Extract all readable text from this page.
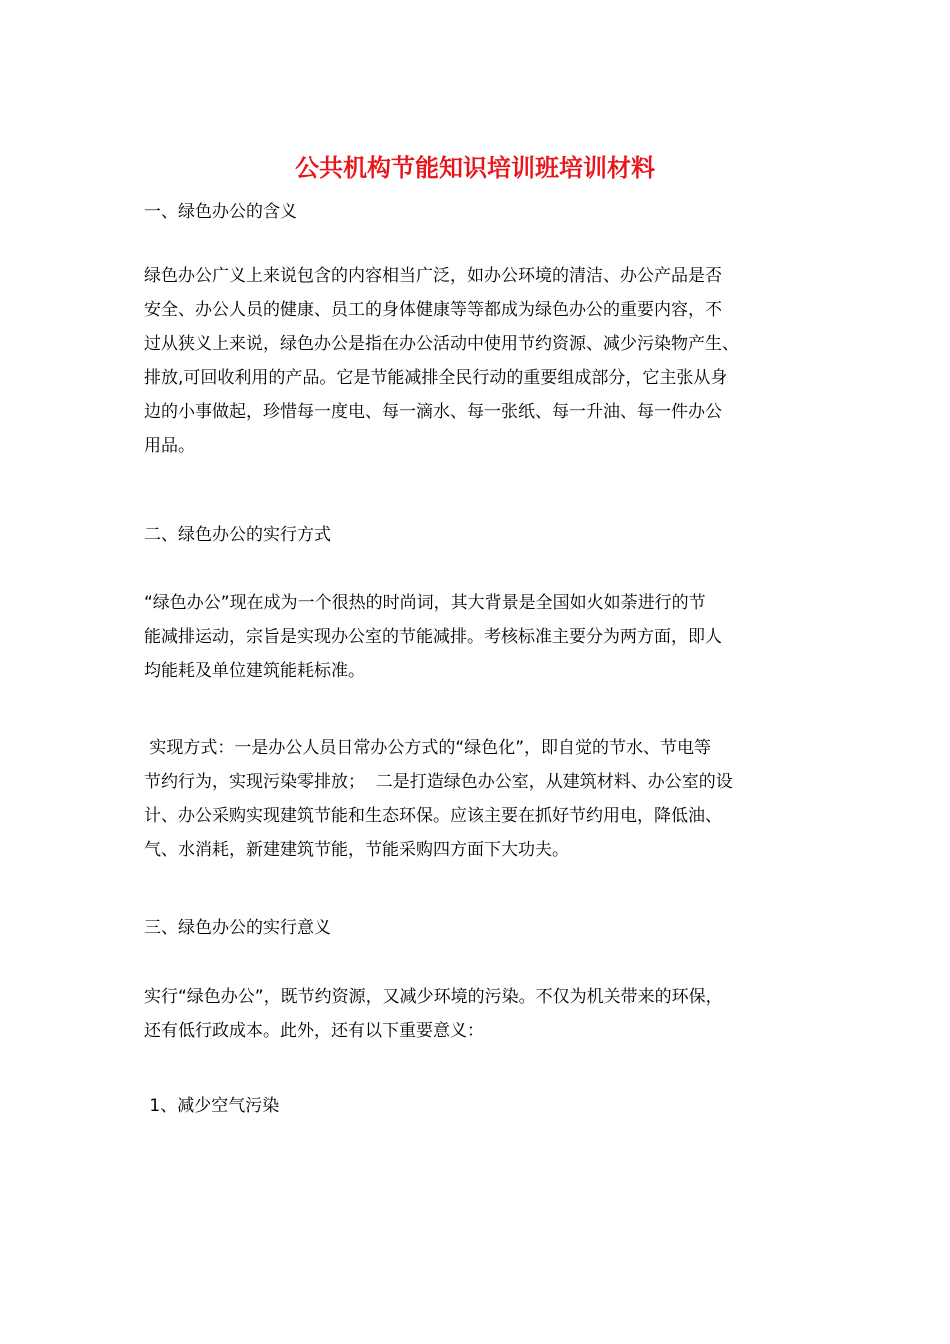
公共机构节能知识培训班培训材料

一、绿色办公的含义

绿色办公广义上来说包含的内容相当广泛，如办公环境的清洁、办公产品是否
安全、办公人员的健康、员工的身体健康等等都成为绿色办公的重要内容，不
过从狭义上来说，绿色办公是指在办公活动中使用节约资源、减少污染物产生、
排放,可回收利用的产品。它是节能减排全民行动的重要组成部分，它主张从身
边的小事做起，珍惜每一度电、每一滴水、每一张纸、每一升油、每一件办公
用品。

二、绿色办公的实行方式

“绿色办公”现在成为一个很热的时尚词，其大背景是全国如火如荼进行的节
能减排运动，宗旨是实现办公室的节能减排。考核标准主要分为两方面，即人
均能耗及单位建筑能耗标准。

实现方式：一是办公人员日常办公方式的“绿色化”，即自觉的节水、节电等
节约行为，实现污染零排放；  二是打造绿色办公室，从建筑材料、办公室的设
计、办公采购实现建筑节能和生态环保。应该主要在抓好节约用电，降低油、
气、水消耗，新建建筑节能，节能采购四方面下大功夫。

三、绿色办公的实行意义

实行“绿色办公”，既节约资源，又减少环境的污染。不仅为机关带来的环保，
还有低行政成本。此外，还有以下重要意义：

1、减少空气污染
